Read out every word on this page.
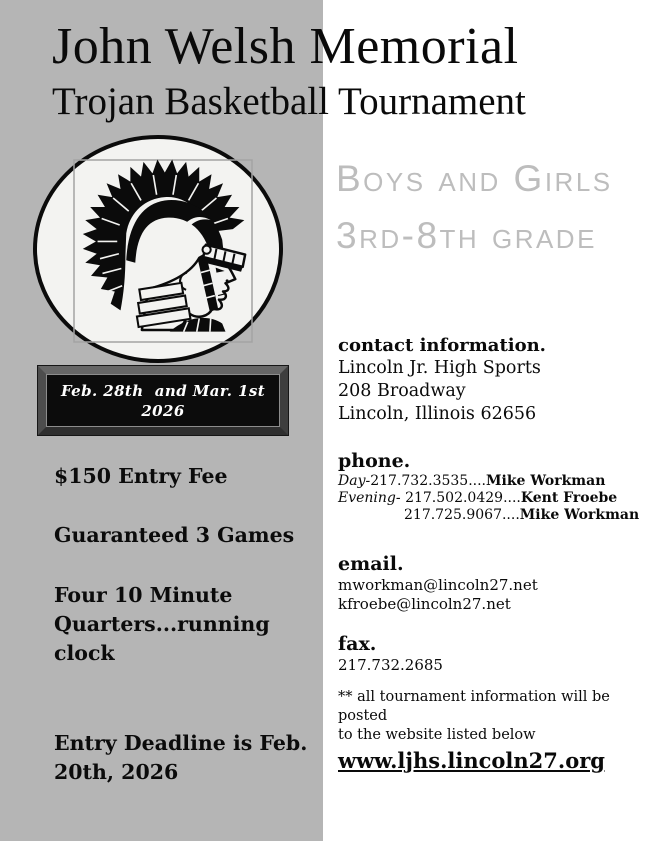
John Welsh Memorial
Trojan Basketball Tournament
Feb. 28th  and Mar. 1st
2026
$150 Entry Fee
Guaranteed 3 Games
Four 10 Minute Quarters...running clock
Entry Deadline is Feb. 20th, 2026
Boys and Girls
3rd-8th grade
contact information.
Lincoln Jr. High Sports
208 Broadway
Lincoln, Illinois 62656
phone.
Day-217.732.3535....Mike Workman
Evening- 217.502.0429....Kent Froebe
217.725.9067....Mike Workman
email.
mworkman@lincoln27.net
kfroebe@lincoln27.net
fax.
217.732.2685
** all tournament information will be posted
to the website listed below
www.ljhs.lincoln27.org
